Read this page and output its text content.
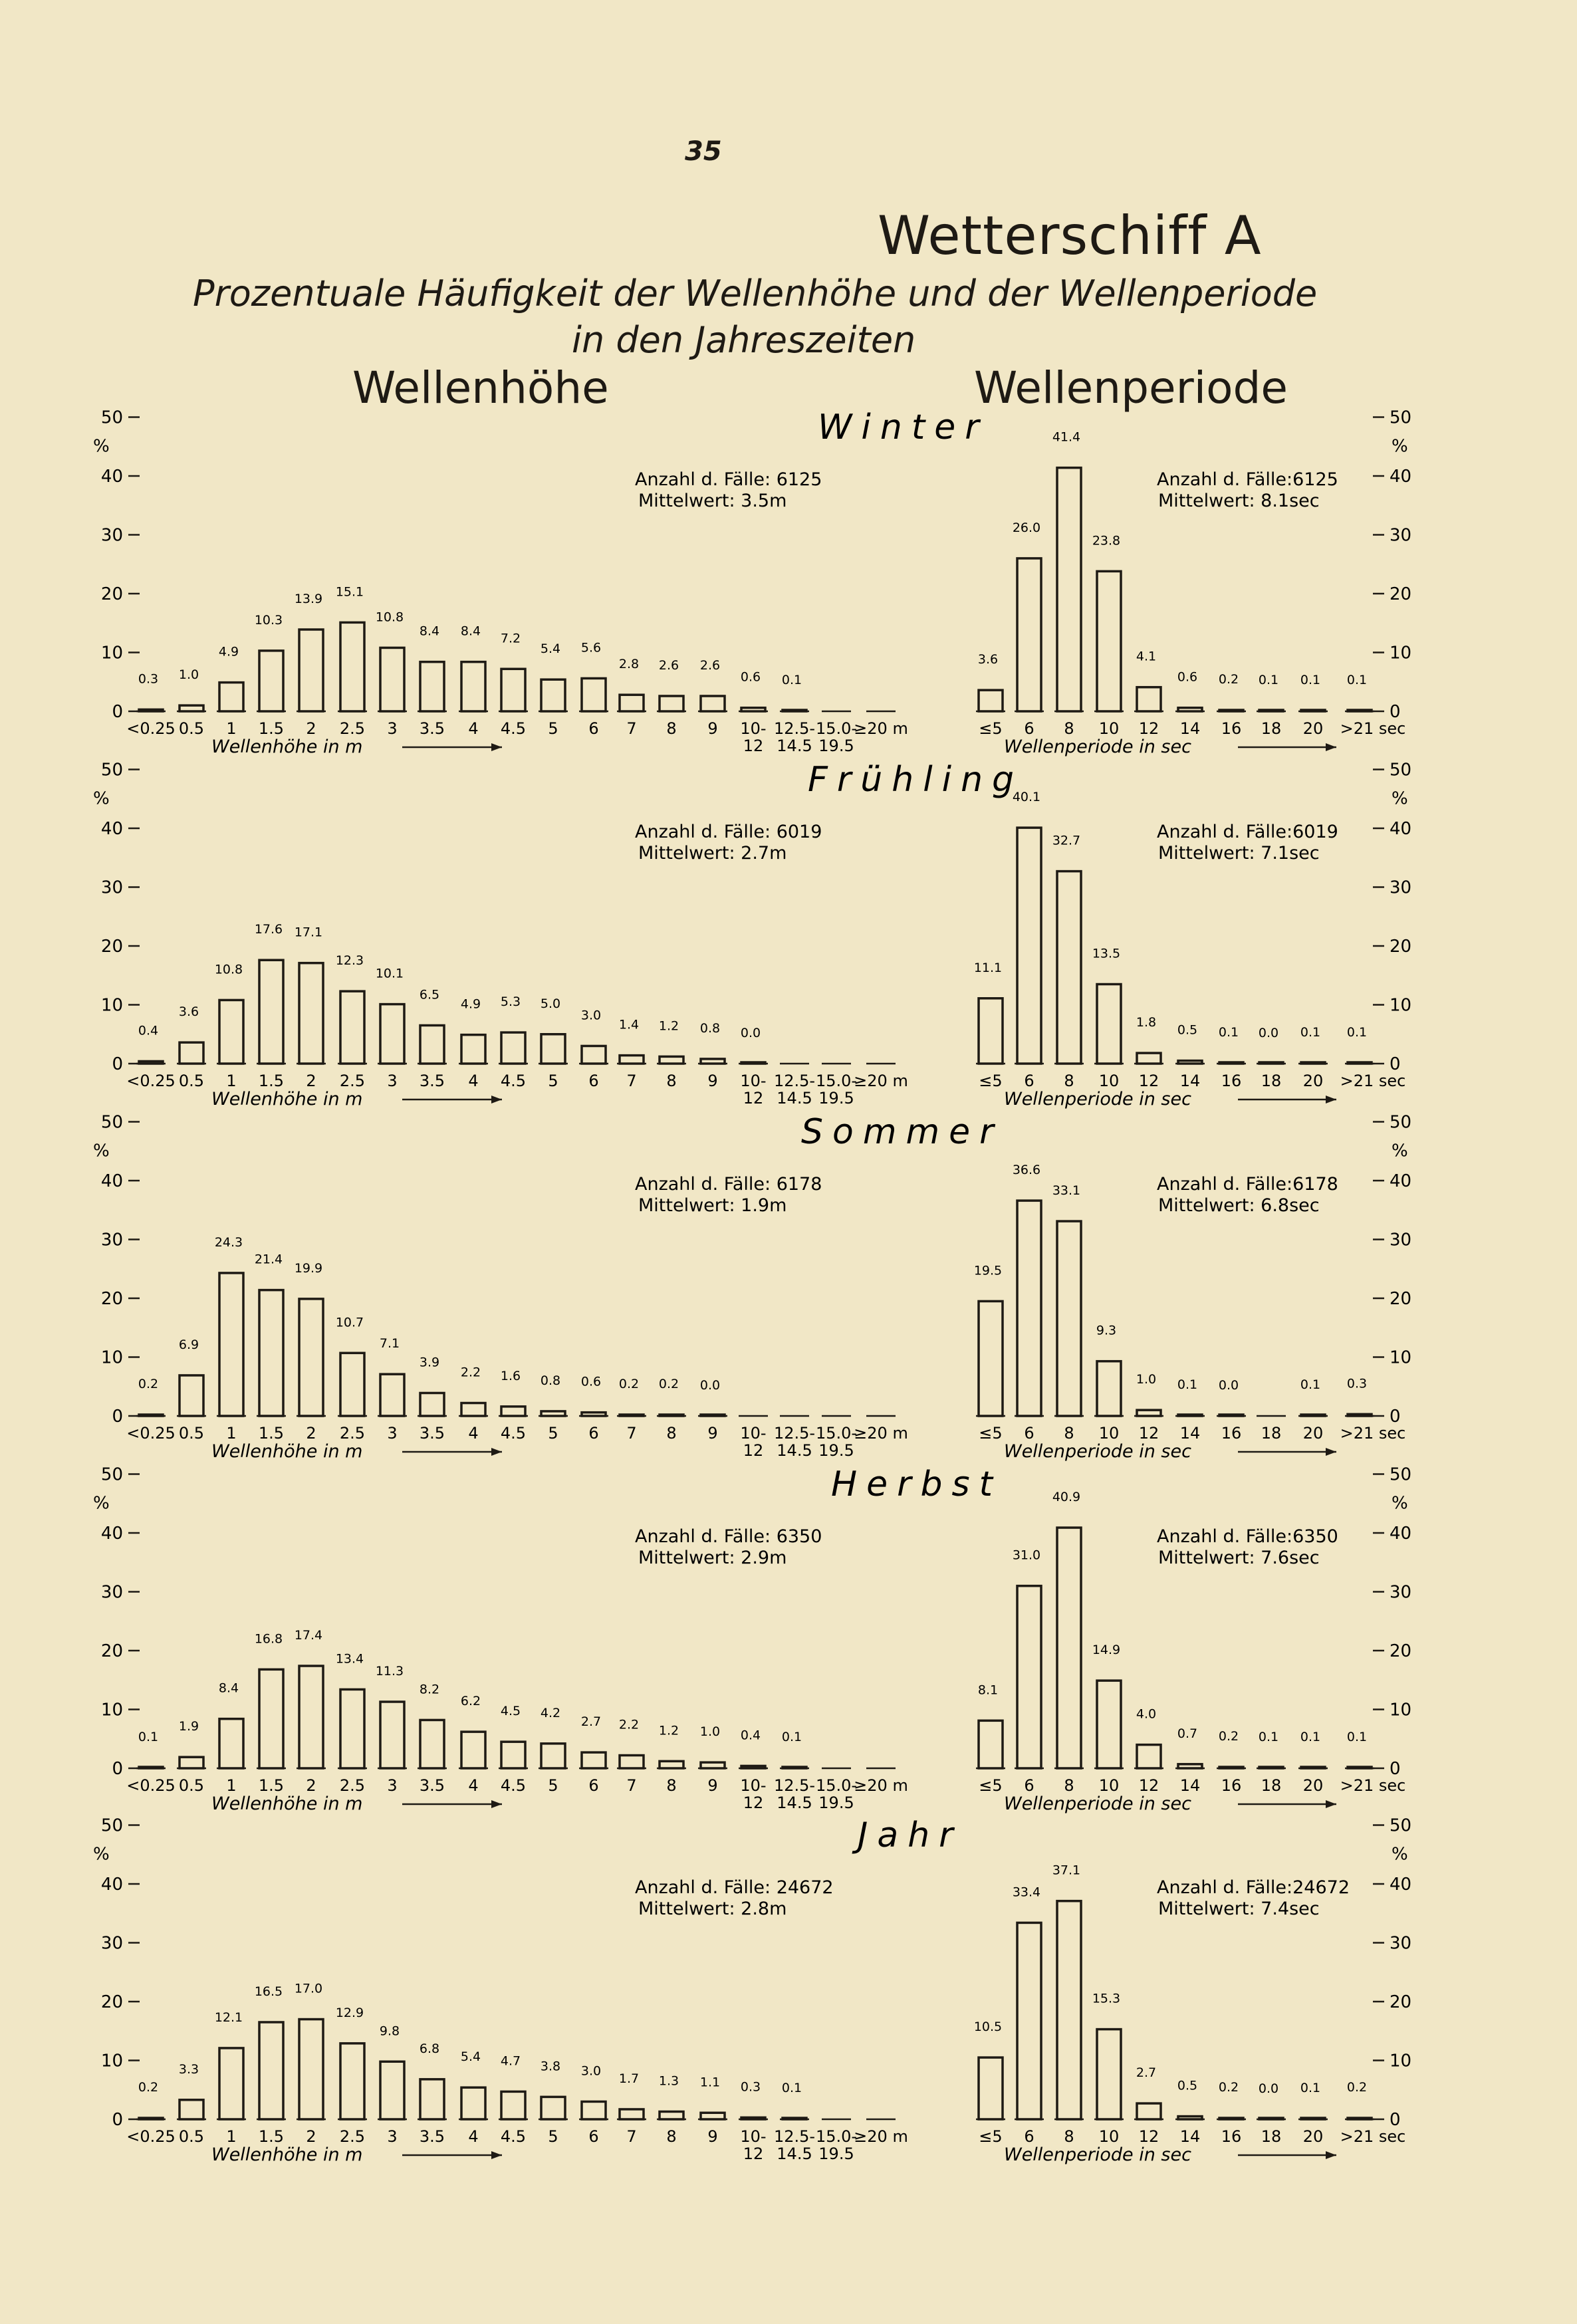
35
Wetterschiff A
Prozentuale Häufigkeit der Wellenhöhe und der Wellenperiode
in den Jahreszeiten
Wellenhöhe	Wellenperiode
Winter
50
40
30
20
10
0
%
50
40
30
20
10
0
%
0.3
<0.25
1.0
0.5
4.9
1
10.3
1.5
13.9
2
15.1
2.5
10.8
3
8.4
3.5
8.4
4
7.2
4.5
5.4
5
5.6
6
2.8
7
2.6
8
2.6
9
0.6
10-
12
0.1
12.5-
14.5
15.0-
19.5
≥20 m
Wellenhöhe in m
Anzahl d. Fälle: 6125
Mittelwert: 3.5m
3.6
≤5
26.0
6
41.4
8
23.8
10
4.1
12
0.6
14
0.2
16
0.1
18
0.1
20
0.1
>21 sec
Wellenperiode in sec
Anzahl d. Fälle:6125
Mittelwert: 8.1sec
Frühling
50
40
30
20
10
0
%
50
40
30
20
10
0
%
0.4
<0.25
3.6
0.5
10.8
1
17.6
1.5
17.1
2
12.3
2.5
10.1
3
6.5
3.5
4.9
4
5.3
4.5
5.0
5
3.0
6
1.4
7
1.2
8
0.8
9
0.0
10-
12
12.5-
14.5
15.0-
19.5
≥20 m
Wellenhöhe in m
Anzahl d. Fälle: 6019
Mittelwert: 2.7m
11.1
≤5
40.1
6
32.7
8
13.5
10
1.8
12
0.5
14
0.1
16
0.0
18
0.1
20
0.1
>21 sec
Wellenperiode in sec
Anzahl d. Fälle:6019
Mittelwert: 7.1sec
Sommer
50
40
30
20
10
0
%
50
40
30
20
10
0
%
0.2
<0.25
6.9
0.5
24.3
1
21.4
1.5
19.9
2
10.7
2.5
7.1
3
3.9
3.5
2.2
4
1.6
4.5
0.8
5
0.6
6
0.2
7
0.2
8
0.0
9 10-
12
12.5-
14.5
15.0-
19.5
≥20 m
Wellenhöhe in m
Anzahl d. Fälle: 6178
Mittelwert: 1.9m
19.5
≤5
36.6
6
33.1
8
9.3
10
1.0
12
0.1
14
0.0
16 18
0.1
20
0.3
>21 sec
Wellenperiode in sec
Anzahl d. Fälle:6178
Mittelwert: 6.8sec
Herbst
50
40
30
20
10
0
%
50
40
30
20
10
0
%
0.1
<0.25
1.9
0.5
8.4
1
16.8
1.5
17.4
2
13.4
2.5
11.3
3
8.2
3.5
6.2
4
4.5
4.5
4.2
5
2.7
6
2.2
7
1.2
8
1.0
9
0.4
10-
12
0.1
12.5-
14.5
15.0-
19.5
≥20 m
Wellenhöhe in m
Anzahl d. Fälle: 6350
Mittelwert: 2.9m
8.1
≤5
31.0
6
40.9
8
14.9
10
4.0
12
0.7
14
0.2
16
0.1
18
0.1
20
0.1
>21 sec
Wellenperiode in sec
Anzahl d. Fälle:6350
Mittelwert: 7.6sec
Jahr
50
40
30
20
10
0
%
50
40
30
20
10
0
%
0.2
<0.25
3.3
0.5
12.1
1
16.5
1.5
17.0
2
12.9
2.5
9.8
3
6.8
3.5
5.4
4
4.7
4.5
3.8
5
3.0
6
1.7
7
1.3
8
1.1
9
0.3
10-
12
0.1
12.5-
14.5
15.0-
19.5
≥20 m
Wellenhöhe in m
Anzahl d. Fälle: 24672
Mittelwert: 2.8m
10.5
≤5
33.4
6
37.1
8
15.3
10
2.7
12
0.5
14
0.2
16
0.0
18
0.1
20
0.2
>21 sec
Wellenperiode in sec
Anzahl d. Fälle:24672
Mittelwert: 7.4sec
